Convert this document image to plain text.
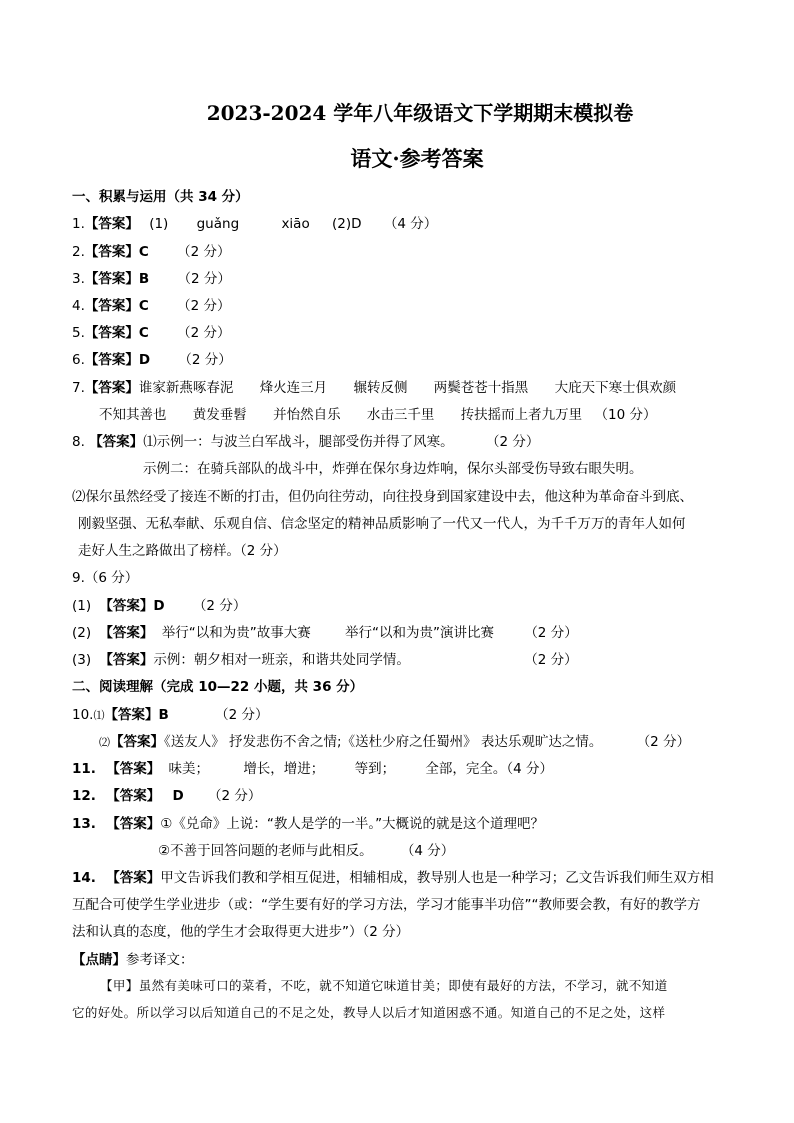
2023-2024 学年八年级语文下学期期末模拟卷
语文·参考答案
一、积累与运用（共 34 分）
1.【答案】 (1) guǎng	xiāo (2)D （4 分）
2.【答案】C （2 分）
3.【答案】B （2 分）
4.【答案】C （2 分）
5.【答案】C （2 分）
6.【答案】D （2 分）
7.【答案】谁家新燕啄春泥 烽火连三月 辗转反侧 两鬓苍苍十指黑 大庇天下寒士俱欢颜
不知其善也 黄发垂髫 并怡然自乐 水击三千里 抟扶摇而上者九万里 （10 分）
8. 【答案】⑴示例一：与波兰白军战斗，腿部受伤并得了风寒。 （2 分）
示例二：在骑兵部队的战斗中，炸弹在保尔身边炸响，保尔头部受伤导致右眼失明。
⑵保尔虽然经受了接连不断的打击，但仍向往劳动，向往投身到国家建设中去，他这种为革命奋斗到底、
刚毅坚强、无私奉献、乐观自信、信念坚定的精神品质影响了一代又一代人，为千千万万的青年人如何
走好人生之路做出了榜样。（2 分）
9.（6 分）
(1) 【答案】D （2 分）
(2) 【答案】 举行“以和为贵”故事大赛	举行“以和为贵”演讲比赛 （2 分）
(3) 【答案】示例：朝夕相对一班亲，和谐共处同学情。	（2 分）
二、阅读理解（完成 10—22 小题，共 36 分）
10.⑴【答案】B	（2 分）
⑵【答案】《送友人》 抒发悲伤不舍之情;《送杜少府之任蜀州》 表达乐观旷达之情。	（2 分）
11. 【答案】 味美；	增长，增进； 等到； 全部，完全。（4 分）
12. 【答案】 D （2 分）
13. 【答案】①《兑命》上说：“教人是学的一半。”大概说的就是这个道理吧？
②不善于回答问题的老师与此相反。 （4 分）
14. 【答案】甲文告诉我们教和学相互促进，相辅相成，教导别人也是一种学习；乙文告诉我们师生双方相
互配合可使学生学业进步（或：“学生要有好的学习方法，学习才能事半功倍”“教师要会教，有好的教学方
法和认真的态度，他的学生才会取得更大进步”）（2 分）
【点睛】参考译文：
【甲】虽然有美味可口的菜肴，不吃，就不知道它味道甘美；即使有最好的方法，不学习，就不知道
它的好处。所以学习以后知道自己的不足之处，教导人以后才知道困惑不通。知道自己的不足之处，这样
